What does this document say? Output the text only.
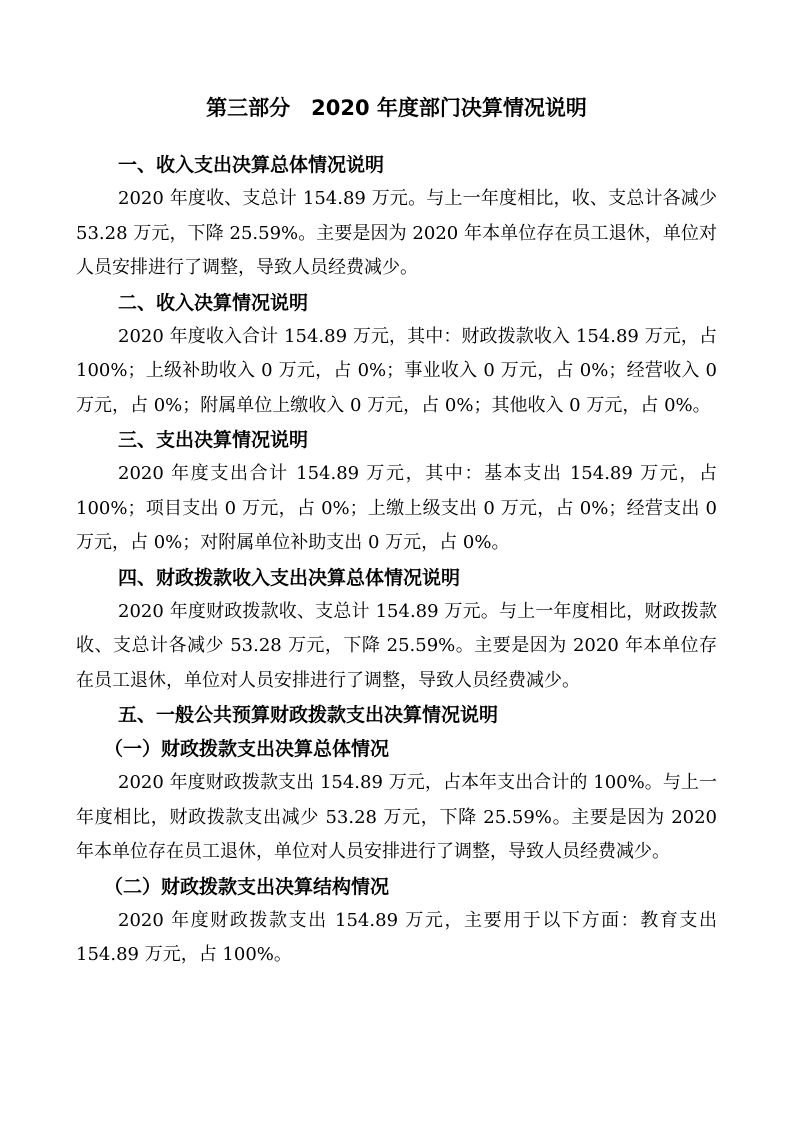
第三部分　2020 年度部门决算情况说明
一、收入支出决算总体情况说明

2020 年度收、支总计 154.89 万元。与上一年度相比，收、支总计各减少 53.28 万元，下降 25.59%。主要是因为 2020 年本单位存在员工退休，单位对人员安排进行了调整，导致人员经费减少。

二、收入决算情况说明

2020 年度收入合计 154.89 万元，其中：财政拨款收入 154.89 万元，占 100%；上级补助收入 0 万元，占 0%；事业收入 0 万元，占 0%；经营收入 0 万元，占 0%；附属单位上缴收入 0 万元，占 0%；其他收入 0 万元，占 0%。

三、支出决算情况说明

2020 年度支出合计 154.89 万元，其中：基本支出 154.89 万元，占 100%；项目支出 0 万元，占 0%；上缴上级支出 0 万元，占 0%；经营支出 0 万元，占 0%；对附属单位补助支出 0 万元，占 0%。

四、财政拨款收入支出决算总体情况说明

2020 年度财政拨款收、支总计 154.89 万元。与上一年度相比，财政拨款收、支总计各减少 53.28 万元，下降 25.59%。主要是因为 2020 年本单位存在员工退休，单位对人员安排进行了调整，导致人员经费减少。

五、一般公共预算财政拨款支出决算情况说明
（一）财政拨款支出决算总体情况

2020 年度财政拨款支出 154.89 万元，占本年支出合计的 100%。与上一年度相比，财政拨款支出减少 53.28 万元，下降 25.59%。主要是因为 2020 年本单位存在员工退休，单位对人员安排进行了调整，导致人员经费减少。

（二）财政拨款支出决算结构情况

2020 年度财政拨款支出 154.89 万元，主要用于以下方面：教育支出 154.89 万元，占 100%。
